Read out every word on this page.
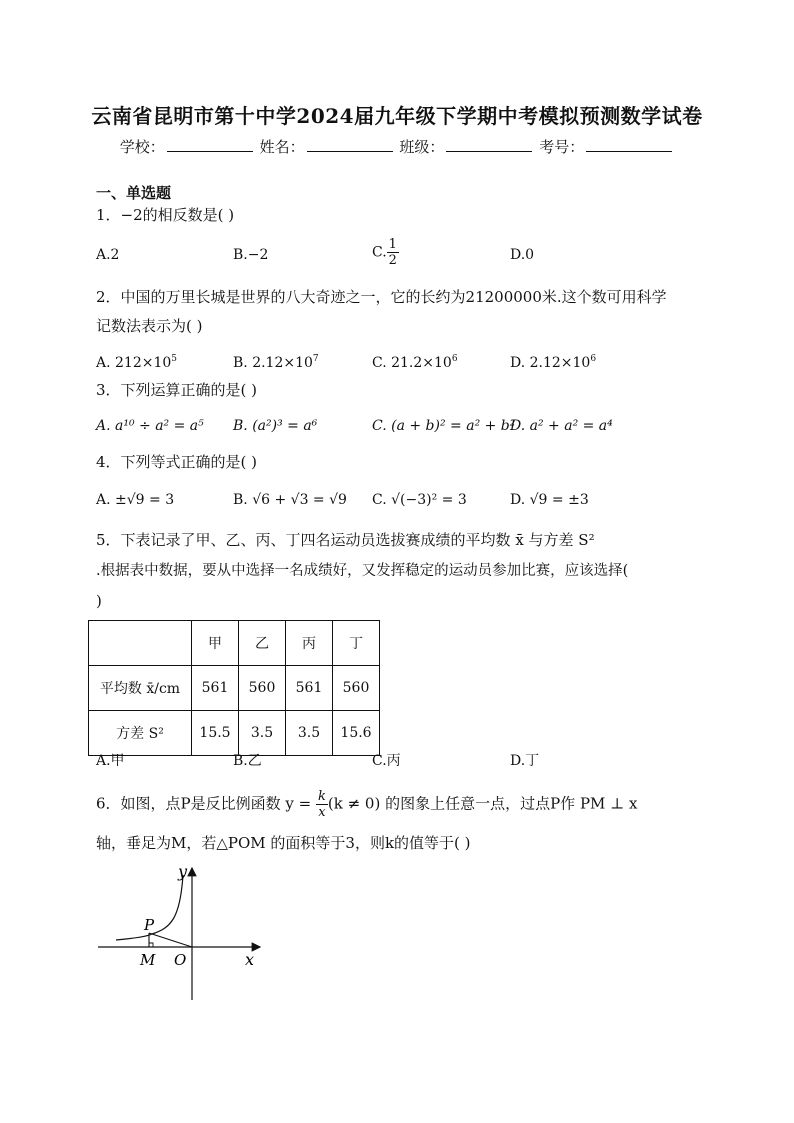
云南省昆明市第十中学2024届九年级下学期中考模拟预测数学试卷
学校：	姓名：	班级：	考号：
一、单选题
1．−2的相反数是( )
A.2	B.−2	C. $\frac{1}{2}$	D.0
2．中国的万里长城是世界的八大奇迹之一，它的长约为21200000米.这个数可用科学
记数法表示为( )
A. $212\times 10^5$	B. $2.12\times 10^7$	C. $21.2\times 10^6$	D. $2.12\times 10^6$
3．下列运算正确的是( )
A. a¹⁰ ÷ a² = a⁵ B. (a²)³ = a⁶	C. (a + b)² = a² + b²
D. a² + a² = a⁴
4．下列等式正确的是( )
A. ±√9 = 3	B. √6 + √3 = √9 C. √(−3)² = 3	D. √9 = ±3
5．下表记录了甲、乙、丙、丁四名运动员选拔赛成绩的平均数 x̄ 与方差 S²
.根据表中数据，要从中选择一名成绩好，又发挥稳定的运动员参加比赛，应该选择(
)
	甲	乙	丙	丁
平均数 x̄/cm	561	560	561	560
方差 S²	15.5	3.5	3.5	15.6
A.甲	B.乙	C.丙	D.丁
6．如图，点P是反比例函数 $y = \frac{k}{x} (k \ne 0)$ 的图象上任意一点，过点P作 PM ⊥ x
轴，垂足为M，若△POM 的面积等于3，则k的值等于( )
y
x
P
M O
